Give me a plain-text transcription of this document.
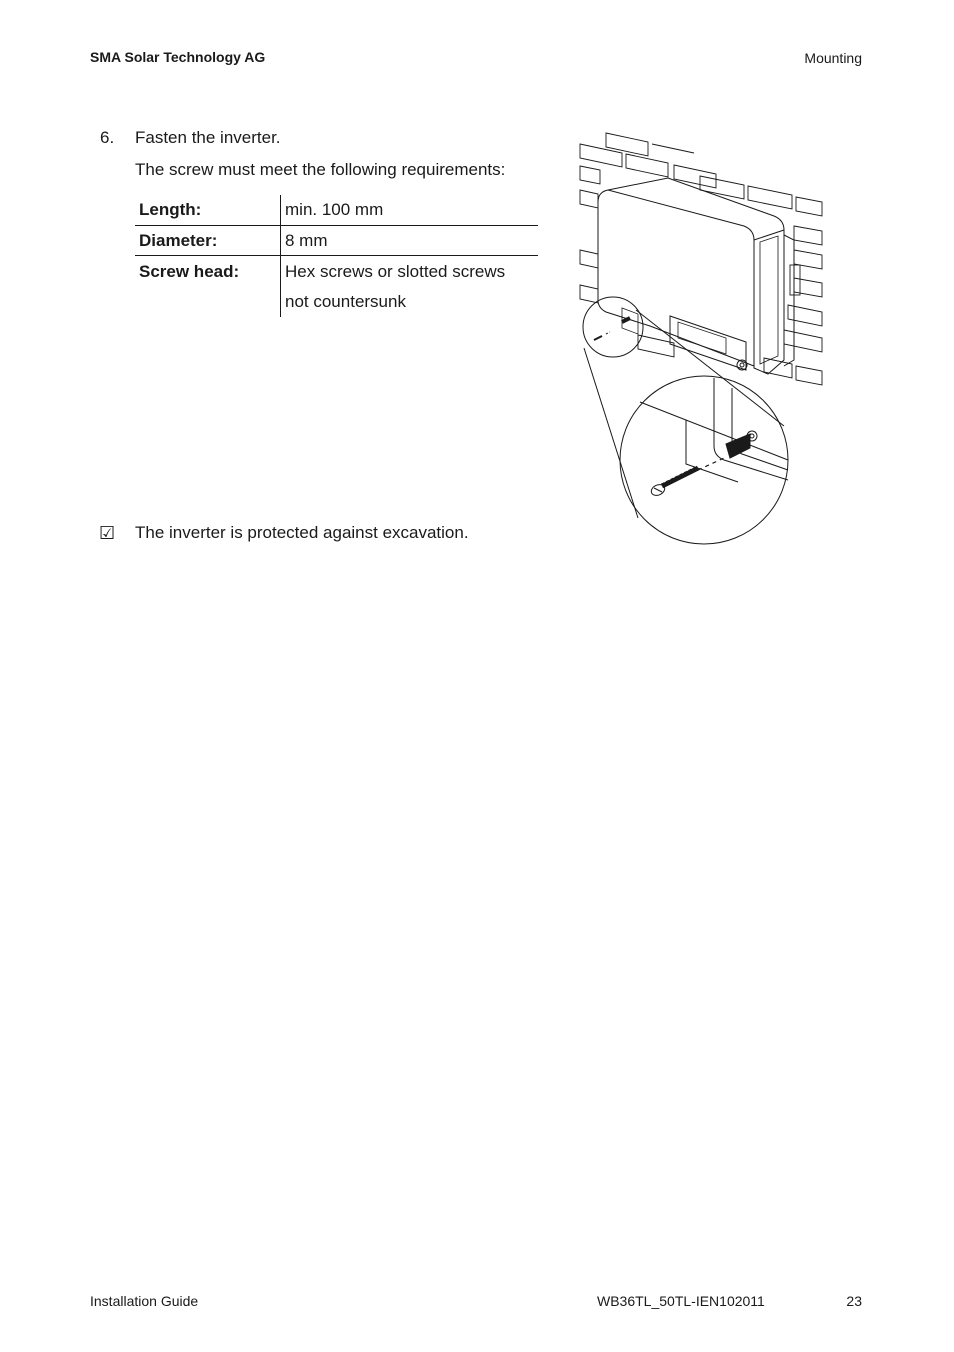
SMA Solar Technology AG	Mounting
6. Fasten the inverter.
The screw must meet the following requirements:
Length:	min. 100 mm
Diameter:	8 mm
Screw head:	Hex screws or slotted screws
not countersunk
☑ The inverter is protected against excavation.
Installation Guide	WB36TL_50TL-IEN102011	23
